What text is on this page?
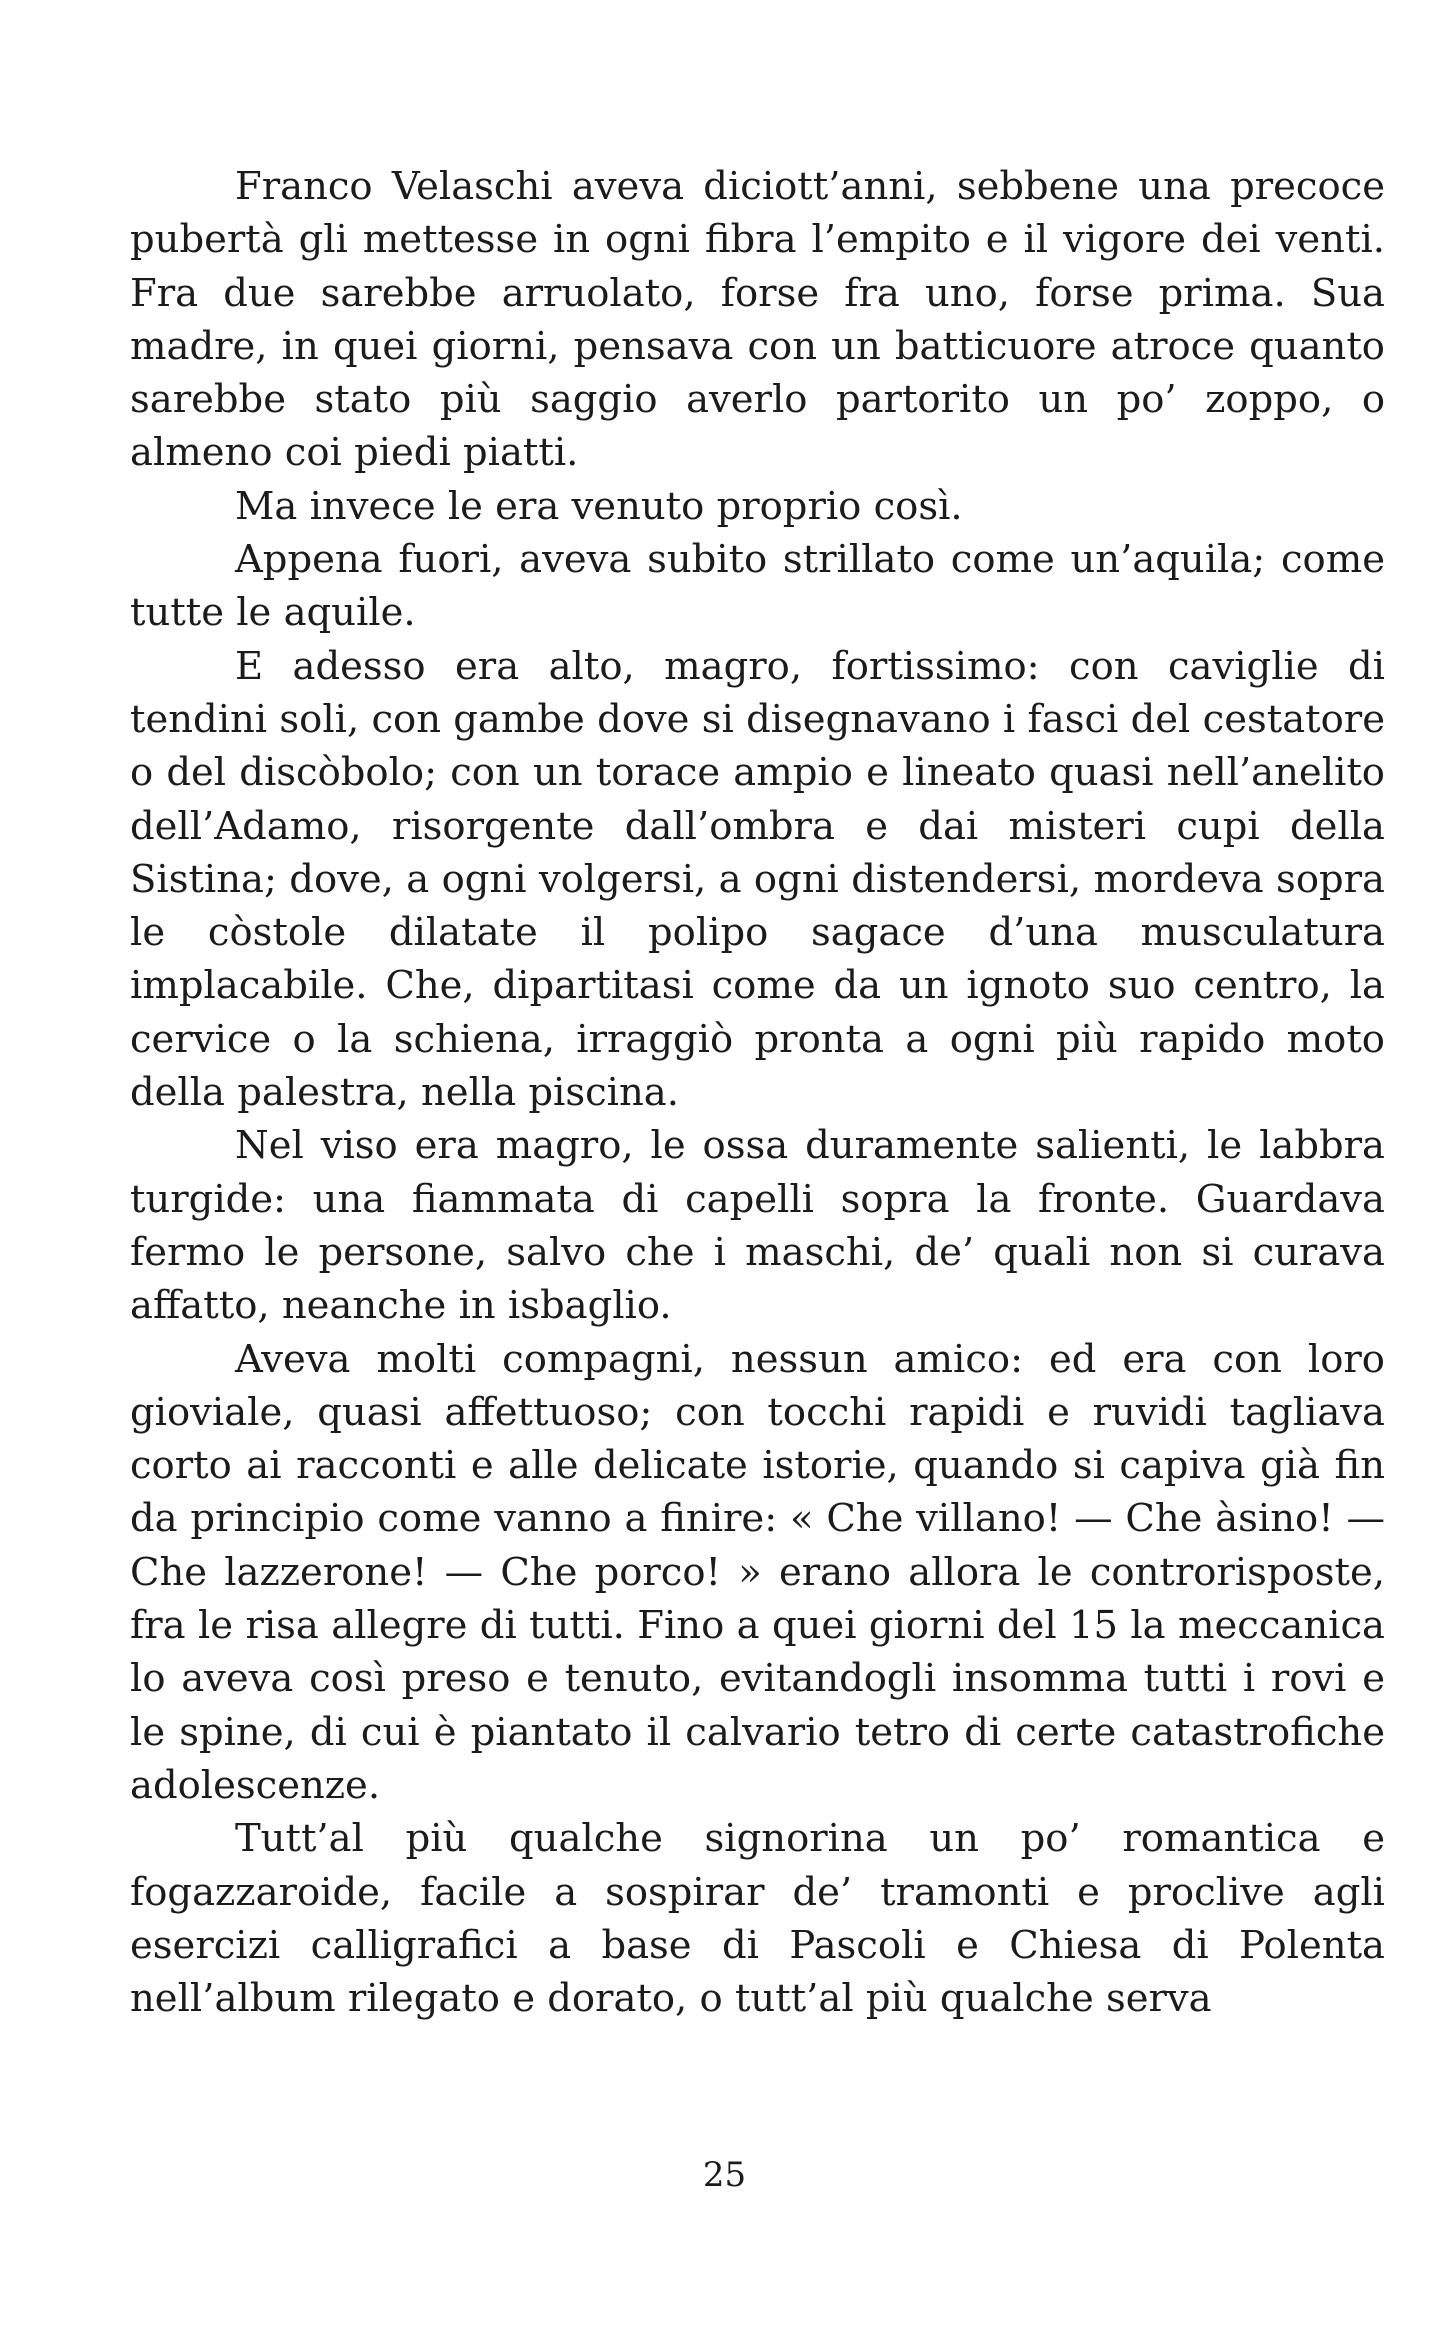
Franco Velaschi aveva diciott’anni, sebbene una precoce pubertà gli mettesse in ogni fibra l’empito e il vigore dei venti. Fra due sarebbe arruolato, forse fra uno, forse prima. Sua madre, in quei giorni, pensava con un batticuore atroce quanto sarebbe stato più saggio averlo partorito un po’ zoppo, o almeno coi piedi piatti.

Ma invece le era venuto proprio così.

Appena fuori, aveva subito strillato come un’aquila; come tutte le aquile.

E adesso era alto, magro, fortissimo: con caviglie di tendini soli, con gambe dove si disegnavano i fasci del cestatore o del discòbolo; con un torace ampio e lineato quasi nell’anelito dell’Adamo, risorgente dall’ombra e dai misteri cupi della Sistina; dove, a ogni volgersi, a ogni distendersi, mordeva sopra le còstole dilatate il polipo sagace d’una musculatura implacabile. Che, dipartitasi come da un ignoto suo centro, la cervice o la schiena, irraggiò pronta a ogni più rapido moto della palestra, nella piscina.

Nel viso era magro, le ossa duramente salienti, le labbra turgide: una fiammata di capelli sopra la fronte. Guardava fermo le persone, salvo che i maschi, de’ quali non si curava affatto, neanche in isbaglio.

Aveva molti compagni, nessun amico: ed era con loro gioviale, quasi affettuoso; con tocchi rapidi e ruvidi tagliava corto ai racconti e alle delicate istorie, quando si capiva già fin da principio come vanno a finire: « Che villano! — Che àsino! — Che lazzerone! — Che porco! » erano allora le controrisposte, fra le risa allegre di tutti. Fino a quei giorni del 15 la meccanica lo aveva così preso e tenuto, evitandogli insomma tutti i rovi e le spine, di cui è piantato il calvario tetro di certe catastrofiche adolescenze.

Tutt’al più qualche signorina un po’ romantica e fogazzaroide, facile a sospirar de’ tramonti e proclive agli esercizi calligrafici a base di Pascoli e Chiesa di Polenta nell’album rilegato e dorato, o tutt’al più qualche serva

25
